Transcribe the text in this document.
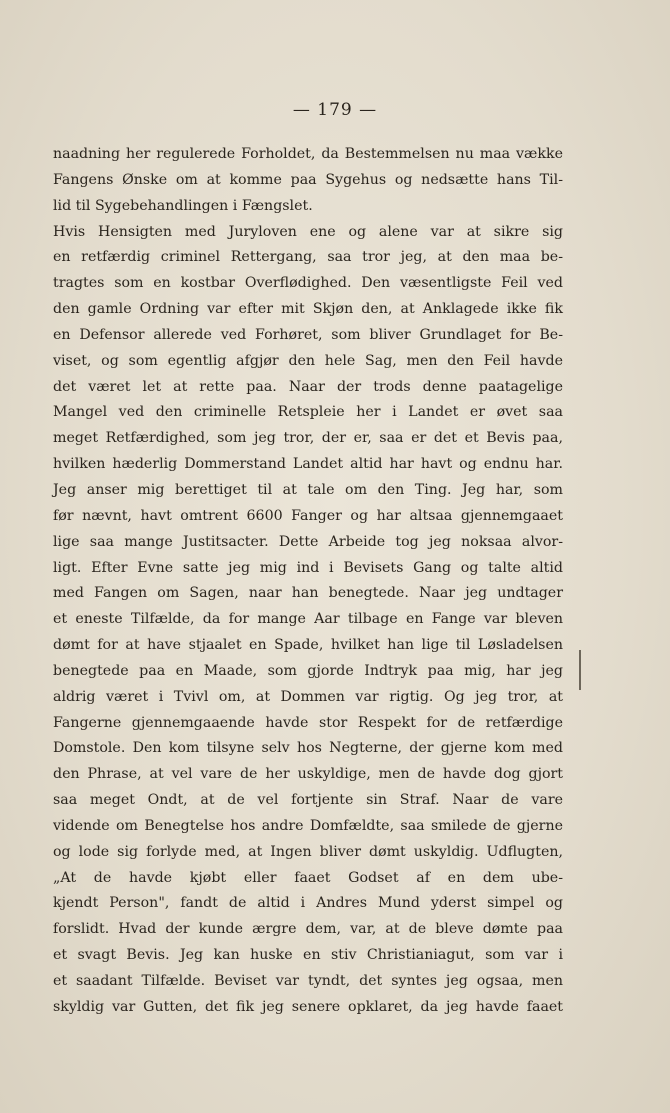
— 179 —
naadning her regulerede Forholdet, da Bestemmelsen nu maa vække
Fangens Ønske om at komme paa Sygehus og nedsætte hans Til-
lid til Sygebehandlingen i Fængslet.
Hvis Hensigten med Juryloven ene og alene var at sikre sig
en retfærdig criminel Rettergang, saa tror jeg, at den maa be-
tragtes som en kostbar Overflødighed. Den væsentligste Feil ved
den gamle Ordning var efter mit Skjøn den, at Anklagede ikke fik
en Defensor allerede ved Forhøret, som bliver Grundlaget for Be-
viset, og som egentlig afgjør den hele Sag, men den Feil havde
det været let at rette paa. Naar der trods denne paatagelige
Mangel ved den criminelle Retspleie her i Landet er øvet saa
meget Retfærdighed, som jeg tror, der er, saa er det et Bevis paa,
hvilken hæderlig Dommerstand Landet altid har havt og endnu har.
Jeg anser mig berettiget til at tale om den Ting. Jeg har, som
før nævnt, havt omtrent 6600 Fanger og har altsaa gjennemgaaet
lige saa mange Justitsacter. Dette Arbeide tog jeg noksaa alvor-
ligt. Efter Evne satte jeg mig ind i Bevisets Gang og talte altid
med Fangen om Sagen, naar han benegtede. Naar jeg undtager
et eneste Tilfælde, da for mange Aar tilbage en Fange var bleven
dømt for at have stjaalet en Spade, hvilket han lige til Løsladelsen
benegtede paa en Maade, som gjorde Indtryk paa mig, har jeg
aldrig været i Tvivl om, at Dommen var rigtig. Og jeg tror, at
Fangerne gjennemgaaende havde stor Respekt for de retfærdige
Domstole. Den kom tilsyne selv hos Negterne, der gjerne kom med
den Phrase, at vel vare de her uskyldige, men de havde dog gjort
saa meget Ondt, at de vel fortjente sin Straf. Naar de vare
vidende om Benegtelse hos andre Domfældte, saa smilede de gjerne
og lode sig forlyde med, at Ingen bliver dømt uskyldig. Udflugten,
„At de havde kjøbt eller faaet Godset af en dem ube-
kjendt Person", fandt de altid i Andres Mund yderst simpel og
forslidt. Hvad der kunde ærgre dem, var, at de bleve dømte paa
et svagt Bevis. Jeg kan huske en stiv Christianiagut, som var i
et saadant Tilfælde. Beviset var tyndt, det syntes jeg ogsaa, men
skyldig var Gutten, det fik jeg senere opklaret, da jeg havde faaet
